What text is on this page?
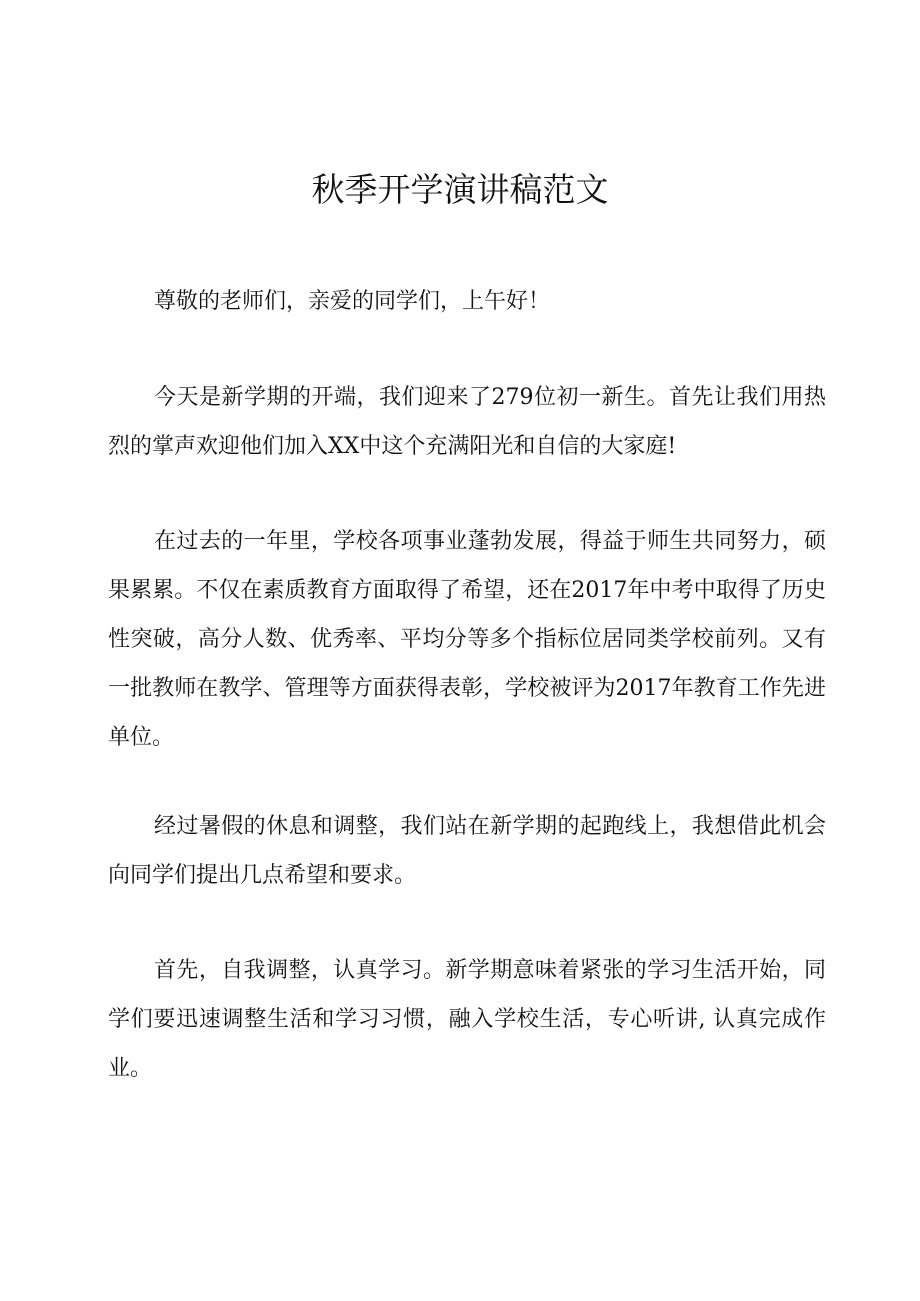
秋季开学演讲稿范文

尊敬的老师们，亲爱的同学们，上午好！

今天是新学期的开端，我们迎来了279位初一新生。首先让我们用热烈的掌声欢迎他们加入XX中这个充满阳光和自信的大家庭!

在过去的一年里，学校各项事业蓬勃发展，得益于师生共同努力，硕果累累。不仅在素质教育方面取得了希望，还在2017年中考中取得了历史性突破，高分人数、优秀率、平均分等多个指标位居同类学校前列。又有一批教师在教学、管理等方面获得表彰，学校被评为2017年教育工作先进单位。

经过暑假的休息和调整，我们站在新学期的起跑线上，我想借此机会向同学们提出几点希望和要求。

首先，自我调整，认真学习。新学期意味着紧张的学习生活开始，同学们要迅速调整生活和学习习惯，融入学校生活，专心听讲, 认真完成作业。
